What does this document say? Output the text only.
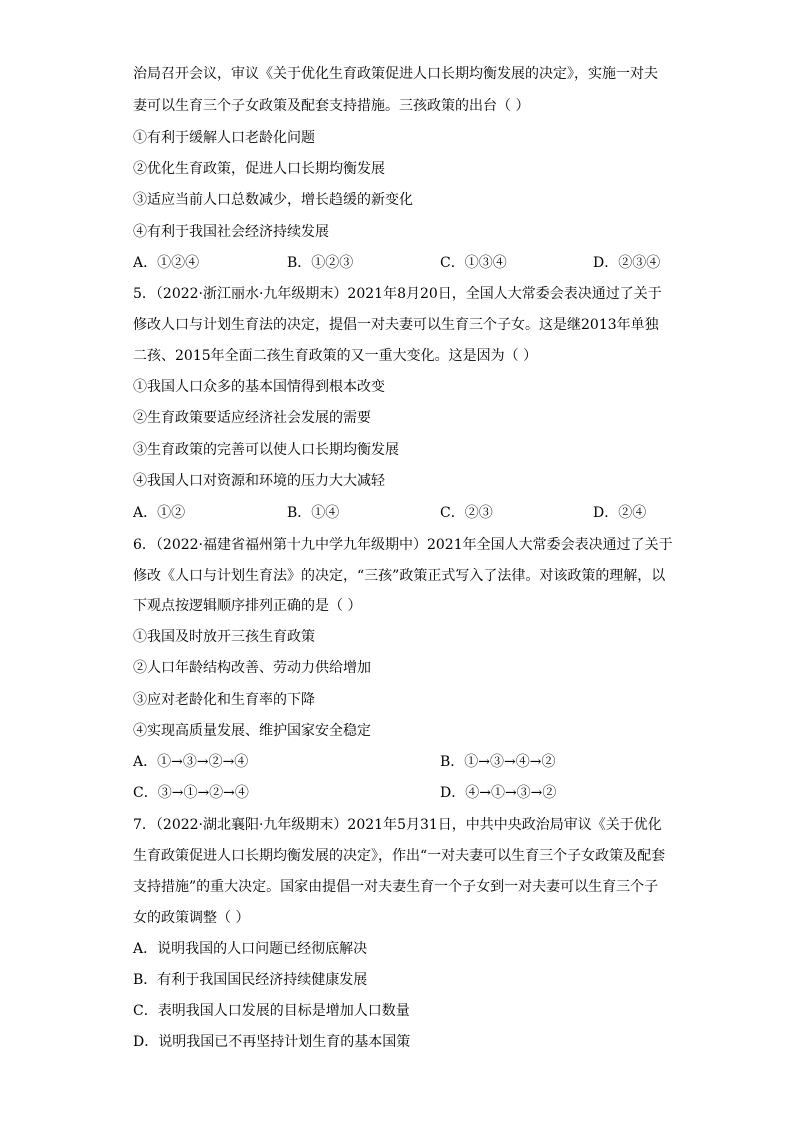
治局召开会议，审议《关于优化生育政策促进人口长期均衡发展的决定》，实施一对夫
妻可以生育三个子女政策及配套支持措施。三孩政策的出台（ ）
①有利于缓解人口老龄化问题
②优化生育政策，促进人口长期均衡发展
③适应当前人口总数减少，增长趋缓的新变化
④有利于我国社会经济持续发展
A．①②④	B．①②③	C．①③④	D．②③④
5．（2022·浙江丽水·九年级期末）2021年8月20日，全国人大常委会表决通过了关于
修改人口与计划生育法的决定，提倡一对夫妻可以生育三个子女。这是继2013年单独
二孩、2015年全面二孩生育政策的又一重大变化。这是因为（ ）
①我国人口众多的基本国情得到根本改变
②生育政策要适应经济社会发展的需要
③生育政策的完善可以使人口长期均衡发展
④我国人口对资源和环境的压力大大减轻
A．①②	B．①④	C．②③	D．②④
6．（2022·福建省福州第十九中学九年级期中）2021年全国人大常委会表决通过了关于
修改《人口与计划生育法》的决定，“三孩”政策正式写入了法律。对该政策的理解，以
下观点按逻辑顺序排列正确的是（ ）
①我国及时放开三孩生育政策
②人口年龄结构改善、劳动力供给增加
③应对老龄化和生育率的下降
④实现高质量发展、维护国家安全稳定
A．①→③→②→④	B．①→③→④→②
C．③→①→②→④	D．④→①→③→②
7．（2022·湖北襄阳·九年级期末）2021年5月31日，中共中央政治局审议《关于优化
生育政策促进人口长期均衡发展的决定》，作出“一对夫妻可以生育三个子女政策及配套
支持措施”的重大决定。国家由提倡一对夫妻生育一个子女到一对夫妻可以生育三个子
女的政策调整（ ）
A．说明我国的人口问题已经彻底解决
B．有利于我国国民经济持续健康发展
C．表明我国人口发展的目标是增加人口数量
D．说明我国已不再坚持计划生育的基本国策
